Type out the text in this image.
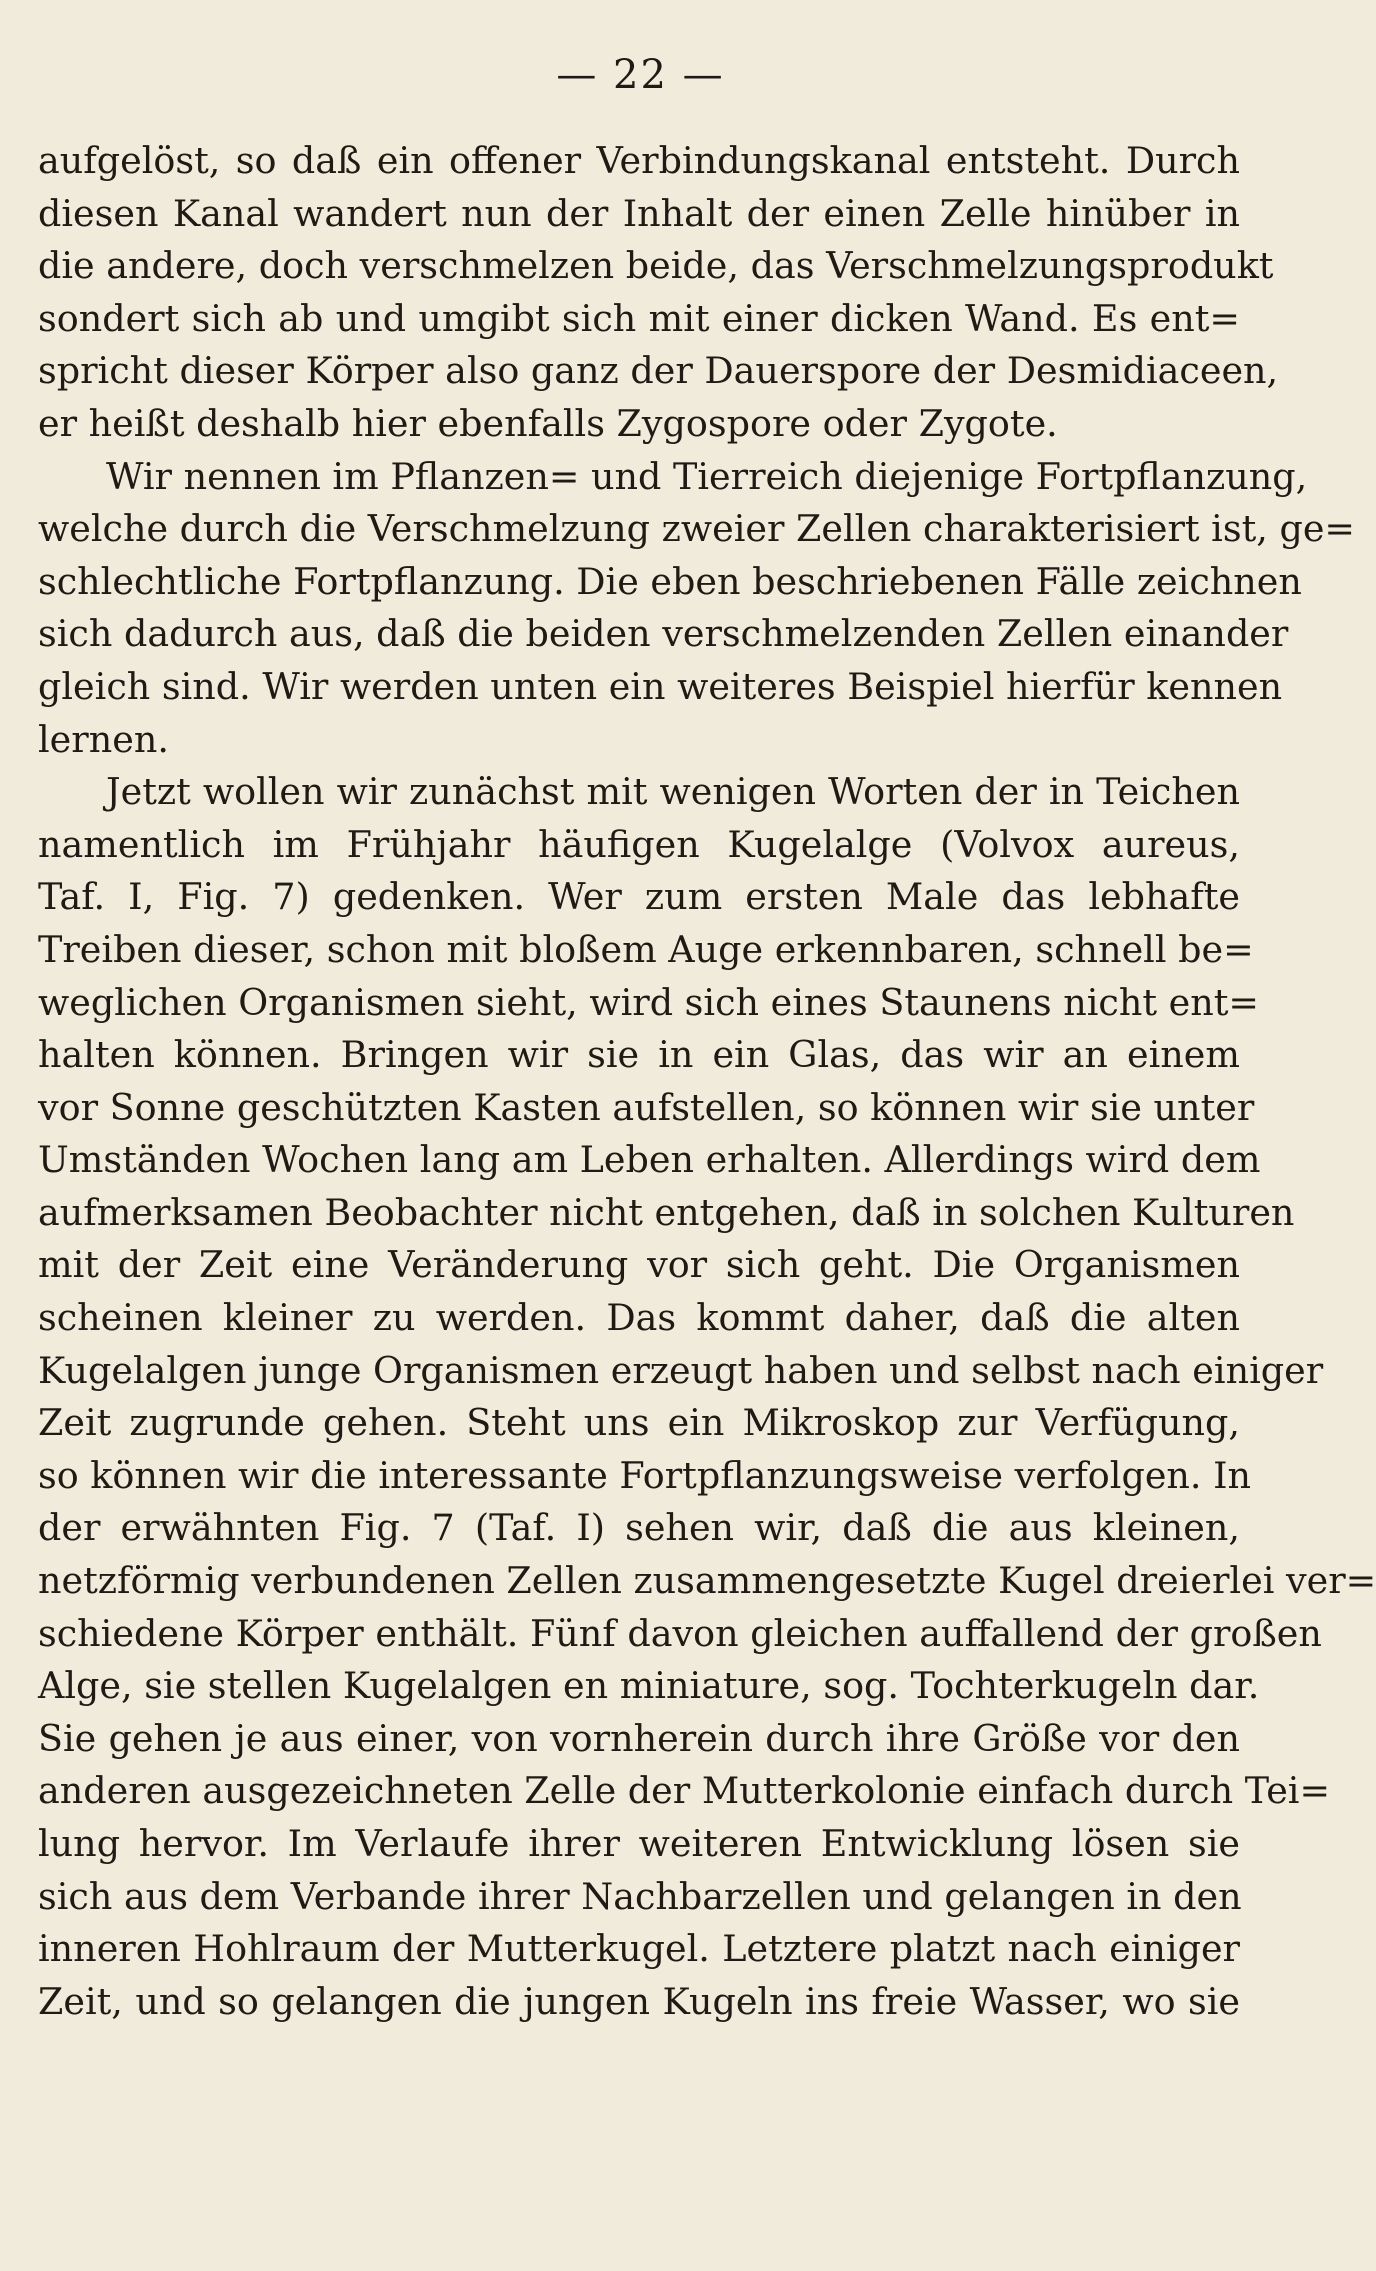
— 22 —
aufgelöst, so daß ein offener Verbindungskanal entsteht. Durch
diesen Kanal wandert nun der Inhalt der einen Zelle hinüber in
die andere, doch verschmelzen beide, das Verschmelzungsprodukt
sondert sich ab und umgibt sich mit einer dicken Wand. Es ent=
spricht dieser Körper also ganz der Dauerspore der Desmidiaceen,
er heißt deshalb hier ebenfalls Zygospore oder Zygote.
Wir nennen im Pflanzen= und Tierreich diejenige Fortpflanzung,
welche durch die Verschmelzung zweier Zellen charakterisiert ist, ge=
schlechtliche Fortpflanzung. Die eben beschriebenen Fälle zeichnen
sich dadurch aus, daß die beiden verschmelzenden Zellen einander
gleich sind. Wir werden unten ein weiteres Beispiel hierfür kennen
lernen.
Jetzt wollen wir zunächst mit wenigen Worten der in Teichen
namentlich im Frühjahr häufigen Kugelalge (Volvox aureus,
Taf. I, Fig. 7) gedenken. Wer zum ersten Male das lebhafte
Treiben dieser, schon mit bloßem Auge erkennbaren, schnell be=
weglichen Organismen sieht, wird sich eines Staunens nicht ent=
halten können. Bringen wir sie in ein Glas, das wir an einem
vor Sonne geschützten Kasten aufstellen, so können wir sie unter
Umständen Wochen lang am Leben erhalten. Allerdings wird dem
aufmerksamen Beobachter nicht entgehen, daß in solchen Kulturen
mit der Zeit eine Veränderung vor sich geht. Die Organismen
scheinen kleiner zu werden. Das kommt daher, daß die alten
Kugelalgen junge Organismen erzeugt haben und selbst nach einiger
Zeit zugrunde gehen. Steht uns ein Mikroskop zur Verfügung,
so können wir die interessante Fortpflanzungsweise verfolgen. In
der erwähnten Fig. 7 (Taf. I) sehen wir, daß die aus kleinen,
netzförmig verbundenen Zellen zusammengesetzte Kugel dreierlei ver=
schiedene Körper enthält. Fünf davon gleichen auffallend der großen
Alge, sie stellen Kugelalgen en miniature, sog. Tochterkugeln dar.
Sie gehen je aus einer, von vornherein durch ihre Größe vor den
anderen ausgezeichneten Zelle der Mutterkolonie einfach durch Tei=
lung hervor. Im Verlaufe ihrer weiteren Entwicklung lösen sie
sich aus dem Verbande ihrer Nachbarzellen und gelangen in den
inneren Hohlraum der Mutterkugel. Letztere platzt nach einiger
Zeit, und so gelangen die jungen Kugeln ins freie Wasser, wo sie
